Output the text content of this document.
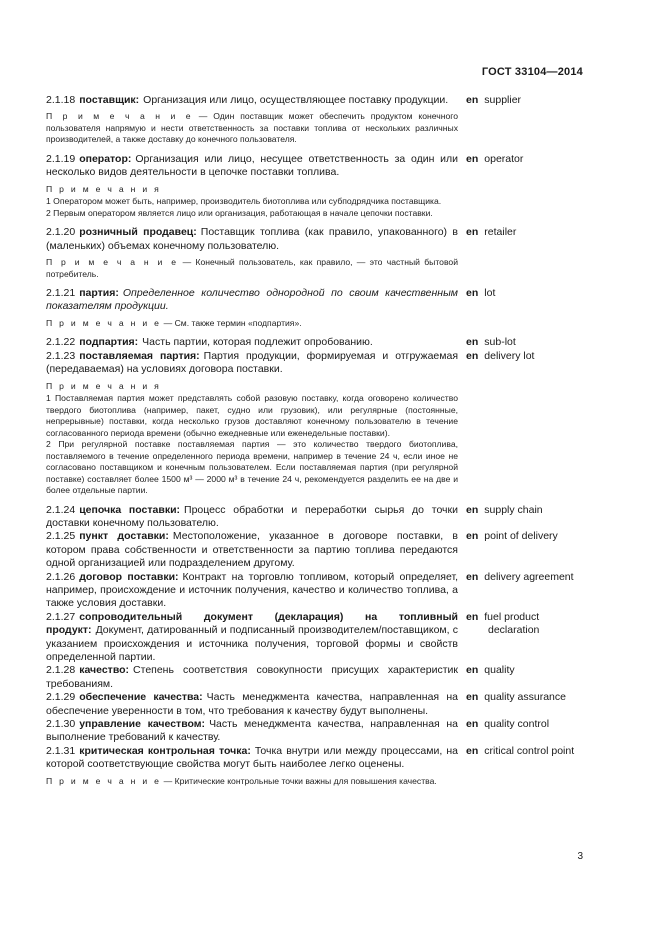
ГОСТ 33104—2014
2.1.18 поставщик: Организация или лицо, осуществляющее поставку продукции.	en supplier
П р и м е ч а н и е — Один поставщик может обеспечить продуктом конечного пользователя напрямую и нести ответственность за поставки топлива от нескольких различных производителей, а также доставку до конечного пользователя.
2.1.19 оператор: Организация или лицо, несущее ответственность за один или несколько видов деятельности в цепочке поставки топлива.
en operator
П р и м е ч а н и я
1 Оператором может быть, например, производитель биотоплива или субподрядчика поставщика.
2 Первым оператором является лицо или организация, работающая в начале цепочки поставки.
2.1.20 розничный продавец: Поставщик топлива (как правило, упакованного) в (маленьких) объемах конечному пользователю.
en retailer
П р и м е ч а н и е — Конечный пользователь, как правило, — это частный бытовой потребитель.
2.1.21 партия: Определенное количество однородной по своим качественным показателям продукции.
en lot
П р и м е ч а н и е — См. также термин «подпартия».
2.1.22 подпартия: Часть партии, которая подлежит опробованию.	en sub-lot
2.1.23 поставляемая партия: Партия продукции, формируемая и отгружаемая (передаваемая) на условиях договора поставки.
en delivery lot
П р и м е ч а н и я
1 Поставляемая партия может представлять собой разовую поставку, когда оговорено количество твердого биотоплива (например, пакет, судно или грузовик), или регулярные (постоянные, непрерывные) поставки, когда несколько грузов доставляют конечному пользователю в течение согласованного периода времени (обычно ежедневные или еженедельные поставки).
2 При регулярной поставке поставляемая партия — это количество твердого биотоплива, поставляемого в течение определенного периода времени, например в течение 24 ч, если иное не согласовано поставщиком и конечным пользователем. Если поставляемая партия (при регулярной поставке) составляет более 1500 м³ — 2000 м³ в течение 24 ч, рекомендуется разделить ее на две и более отдельные партии.
2.1.24 цепочка поставки: Процесс обработки и переработки сырья до точки доставки конечному пользователю.
en supply chain
2.1.25 пункт доставки: Местоположение, указанное в договоре поставки, в котором права собственности и ответственности за партию топлива передаются одной организацией или подразделением другому.
en point of delivery
2.1.26 договор поставки: Контракт на торговлю топливом, который определяет, например, происхождение и источник получения, качество и количество топлива, а также условия доставки.
en delivery agreement
2.1.27 сопроводительный документ (декларация) на топливный продукт: Документ, датированный и подписанный производителем/поставщиком, с указанием происхождения и источника получения, торговой формы и свойств определенной партии.
en fuel product
declaration
2.1.28 качество: Степень соответствия совокупности присущих характеристик требованиям.
en quality
2.1.29 обеспечение качества: Часть менеджмента качества, направленная на обеспечение уверенности в том, что требования к качеству будут выполнены.
en quality assurance
2.1.30 управление качеством: Часть менеджмента качества, направленная на выполнение требований к качеству.
en quality control
2.1.31 критическая контрольная точка: Точка внутри или между процессами, на которой соответствующие свойства могут быть наиболее легко оценены.
en critical control point
П р и м е ч а н и е — Критические контрольные точки важны для повышения качества.
3
